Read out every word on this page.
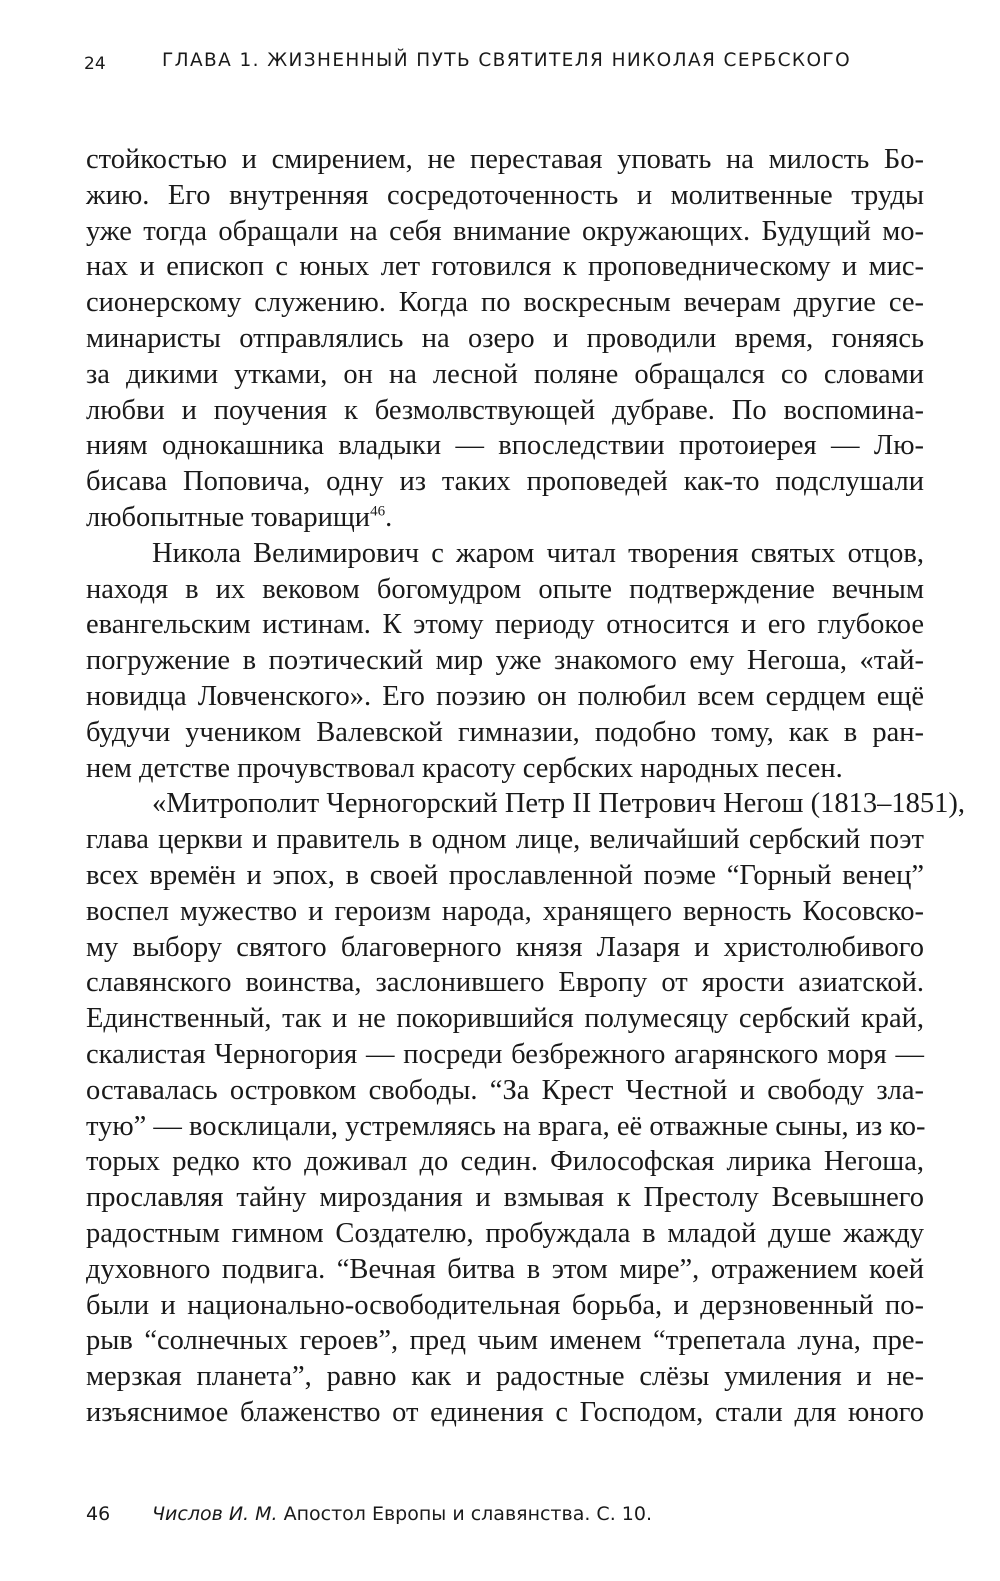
24	ГЛАВА 1. ЖИЗНЕННЫЙ ПУТЬ СВЯТИТЕЛЯ НИКОЛАЯ СЕРБСКОГО
стойкостью и смирением, не переставая уповать на милость Бо-
жию. Его внутренняя сосредоточенность и молитвенные труды
уже тогда обращали на себя внимание окружающих. Будущий мо-
нах и епископ с юных лет готовился к проповедническому и мис-
сионерскому служению. Когда по воскресным вечерам другие се-
минаристы отправлялись на озеро и проводили время, гоняясь
за дикими утками, он на лесной поляне обращался со словами
любви и поучения к безмолвствующей дубраве. По воспомина-
ниям однокашника владыки — впоследствии протоиерея — Лю-
бисава Поповича, одну из таких проповедей как-то подслушали
любопытные товарищи$^{46}$.
Никола Велимирович с жаром читал творения святых отцов,
находя в их вековом богомудром опыте подтверждение вечным
евангельским истинам. К этому периоду относится и его глубокое
погружение в поэтический мир уже знакомого ему Негоша, «тай-
новидца Ловченского». Его поэзию он полюбил всем сердцем ещё
будучи учеником Валевской гимназии, подобно тому, как в ран-
нем детстве прочувствовал красоту сербских народных песен.
«Митрополит Черногорский Петр II Петрович Негош (1813–1851),
глава церкви и правитель в одном лице, величайший сербский поэт
всех времён и эпох, в своей прославленной поэме “Горный венец”
воспел мужество и героизм народа, хранящего верность Косовско-
му выбору святого благоверного князя Лазаря и христолюбивого
славянского воинства, заслонившего Европу от ярости азиатской.
Единственный, так и не покорившийся полумесяцу сербский край,
скалистая Черногория — посреди безбрежного агарянского моря —
оставалась островком свободы. “За Крест Честной и свободу зла-
тую” — восклицали, устремляясь на врага, её отважные сыны, из ко-
торых редко кто доживал до седин. Философская лирика Негоша,
прославляя тайну мироздания и взмывая к Престолу Всевышнего
радостным гимном Создателю, пробуждала в младой душе жажду
духовного подвига. “Вечная битва в этом мире”, отражением коей
были и национально-освободительная борьба, и дерзновенный по-
рыв “солнечных героев”, пред чьим именем “трепетала луна, пре-
мерзкая планета”, равно как и радостные слёзы умиления и не-
изъяснимое блаженство от единения с Господом, стали для юного
46 Числов И. М. Апостол Европы и славянства. С. 10.
